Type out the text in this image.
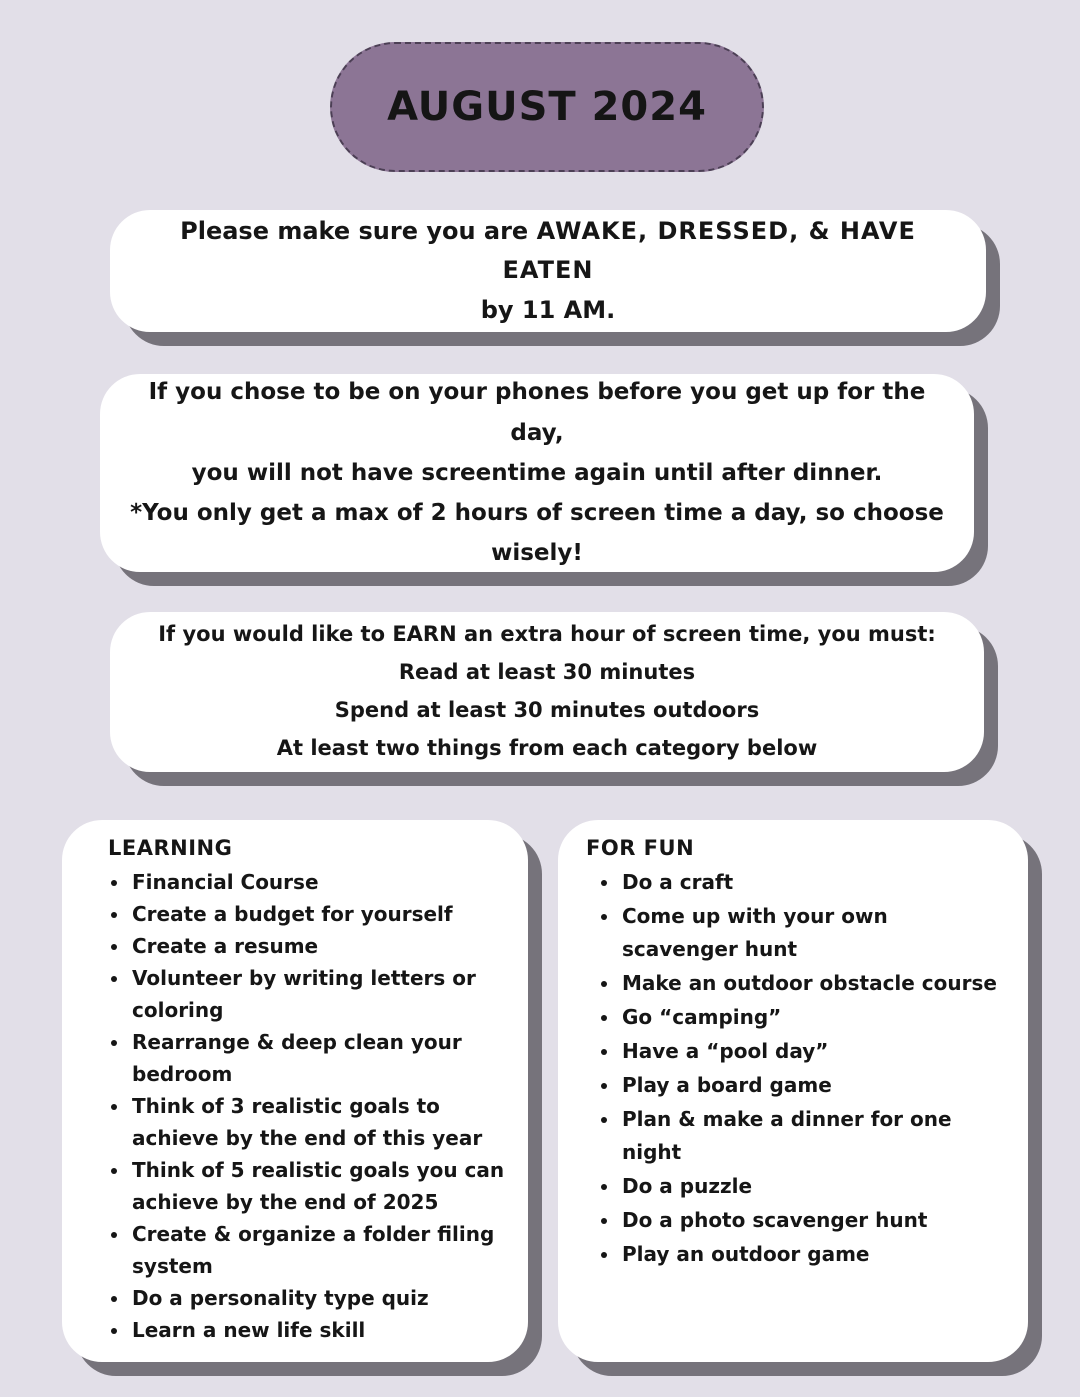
AUGUST 2024

Please make sure you are AWAKE, DRESSED, & HAVE EATEN

by 11 AM.

If you chose to be on your phones before you get up for the day,

you will not have screentime again until after dinner.

*You only get a max of 2 hours of screen time a day, so choose

wisely!

If you would like to EARN an extra hour of screen time, you must:

Read at least 30 minutes

Spend at least 30 minutes outdoors

At least two things from each category below

LEARNING
• Financial Course
• Create a budget for yourself
• Create a resume
• Volunteer by writing letters or coloring
• Rearrange & deep clean your bedroom
• Think of 3 realistic goals to achieve by the end of this year
• Think of 5 realistic goals you can achieve by the end of 2025
• Create & organize a folder filing system
• Do a personality type quiz
• Learn a new life skill
FOR FUN
• Do a craft
• Come up with your own scavenger hunt
• Make an outdoor obstacle course
• Go “camping”
• Have a “pool day”
• Play a board game
• Plan & make a dinner for one night
• Do a puzzle
• Do a photo scavenger hunt
• Play an outdoor game
